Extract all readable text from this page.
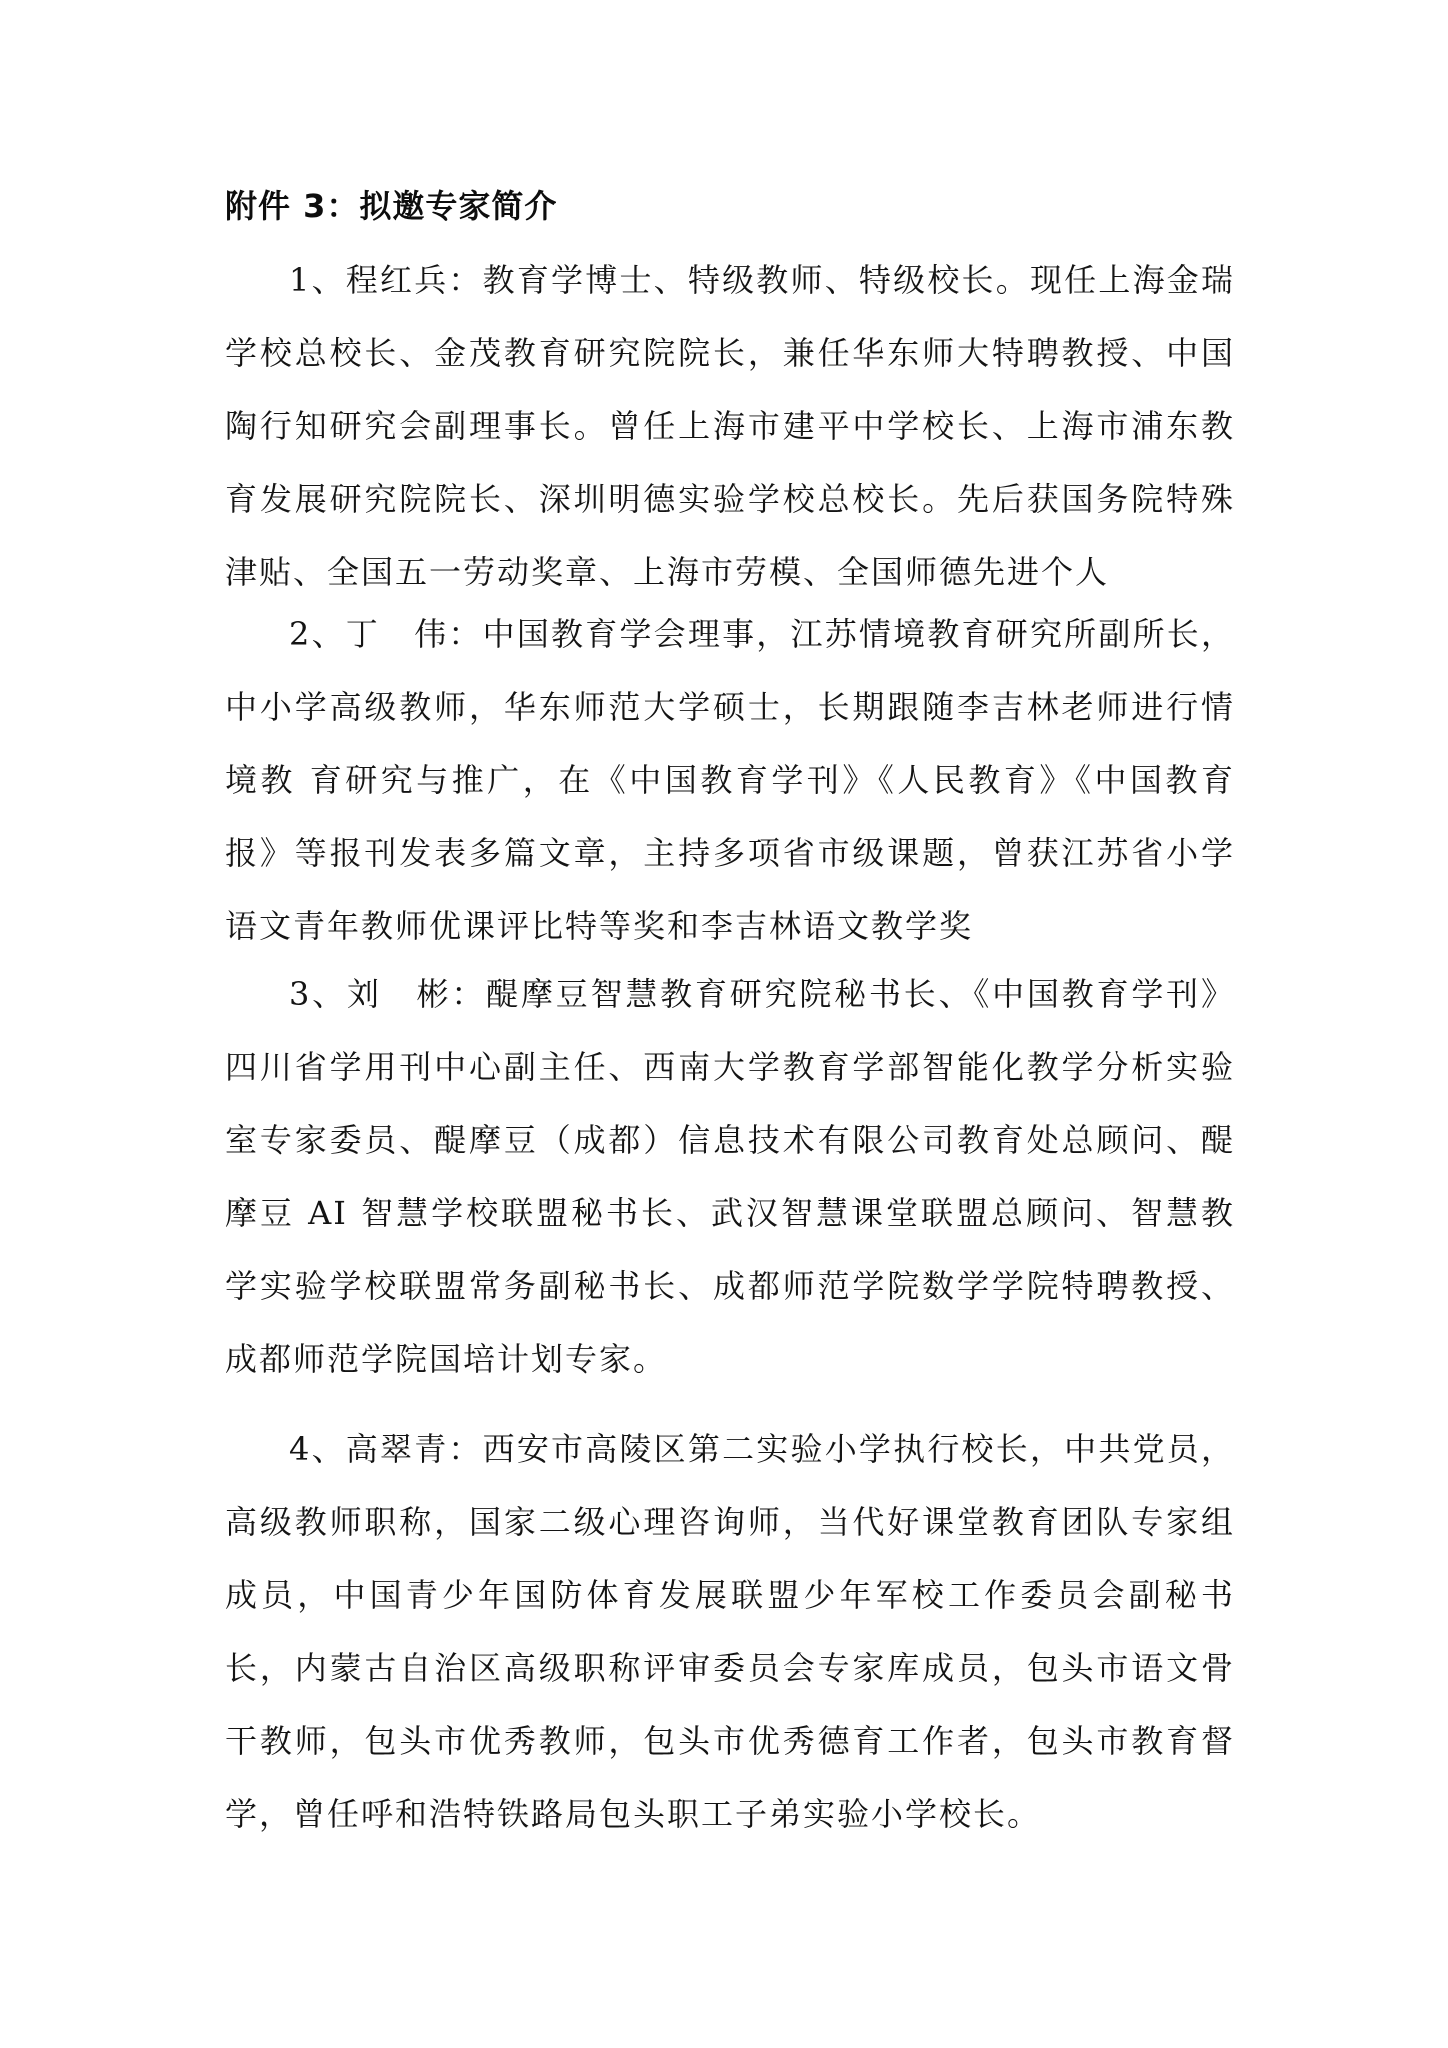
附件 3：拟邀专家简介

1、程红兵：教育学博士、特级教师、特级校长。现任上海金瑞学校总校长、金茂教育研究院院长，兼任华东师大特聘教授、中国陶行知研究会副理事长。曾任上海市建平中学校长、上海市浦东教育发展研究院院长、深圳明德实验学校总校长。先后获国务院特殊津贴、全国五一劳动奖章、上海市劳模、全国师德先进个人

2、丁　伟：中国教育学会理事，江苏情境教育研究所副所长，中小学高级教师，华东师范大学硕士，长期跟随李吉林老师进行情境教 育研究与推广，在《中国教育学刊》《人民教育》《中国教育报》等报刊发表多篇文章，主持多项省市级课题，曾获江苏省小学语文青年教师优课评比特等奖和李吉林语文教学奖

3、刘　彬：醍摩豆智慧教育研究院秘书长、《中国教育学刊》四川省学用刊中心副主任、西南大学教育学部智能化教学分析实验室专家委员、醍摩豆（成都）信息技术有限公司教育处总顾问、醍摩豆 AI 智慧学校联盟秘书长、武汉智慧课堂联盟总顾问、智慧教学实验学校联盟常务副秘书长、成都师范学院数学学院特聘教授、成都师范学院国培计划专家。

4、高翠青：西安市高陵区第二实验小学执行校长，中共党员，高级教师职称，国家二级心理咨询师，当代好课堂教育团队专家组成员，中国青少年国防体育发展联盟少年军校工作委员会副秘书长，内蒙古自治区高级职称评审委员会专家库成员，包头市语文骨干教师，包头市优秀教师，包头市优秀德育工作者，包头市教育督学，曾任呼和浩特铁路局包头职工子弟实验小学校长。
